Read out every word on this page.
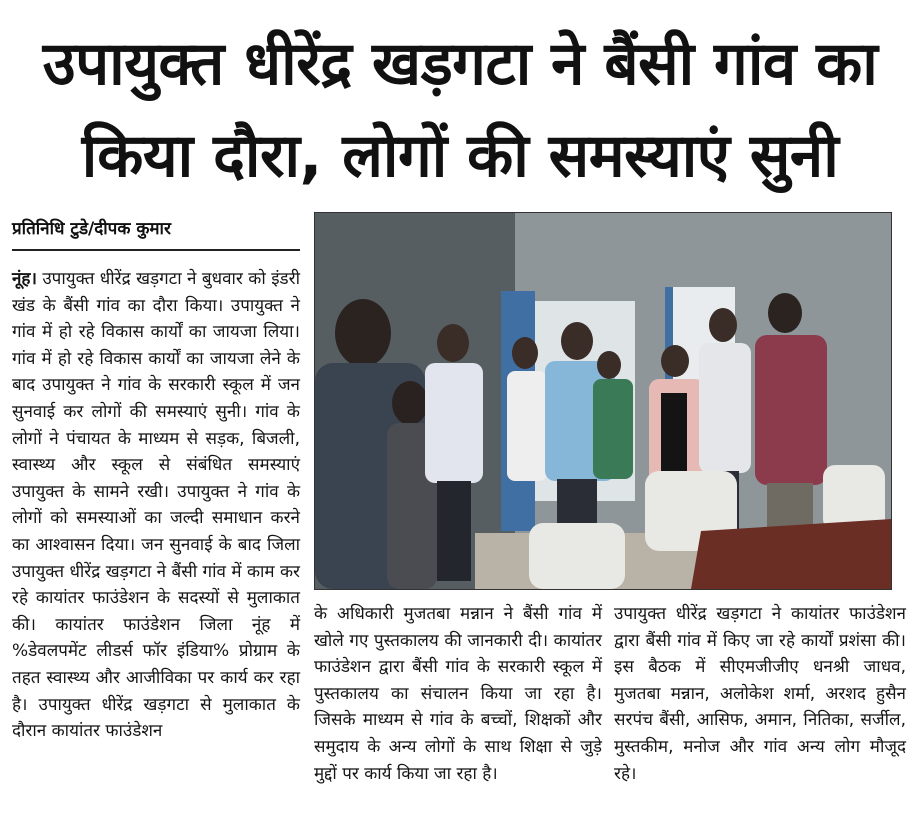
उपायुक्त धीरेंद्र खड़गटा ने बैंसी गांव का
किया दौरा, लोगों की समस्याएं सुनी
प्रतिनिधि टुडे/दीपक कुमार

नूंह। उपायुक्त धीरेंद्र खड़गटा ने बुधवार को इंडरी खंड के बैंसी गांव का दौरा किया। उपायुक्त ने गांव में हो रहे विकास कार्यों का जायजा लिया। गांव में हो रहे विकास कार्यों का जायजा लेने के बाद उपायुक्त ने गांव के सरकारी स्कूल में जन सुनवाई कर लोगों की समस्याएं सुनी। गांव के लोगों ने पंचायत के माध्यम से सड़क, बिजली, स्वास्थ्य और स्कूल से संबंधित समस्याएं उपायुक्त के सामने रखी। उपायुक्त ने गांव के लोगों को समस्याओं का जल्दी समाधान करने का आश्वासन दिया। जन सुनवाई के बाद जिला उपायुक्त धीरेंद्र खड़गटा ने बैंसी गांव में काम कर रहे कायांतर फाउंडेशन के सदस्यों से मुलाकात की। कायांतर फाउंडेशन जिला नूंह में %डेवलपमेंट लीडर्स फॉर इंडिया% प्रोग्राम के तहत स्वास्थ्य और आजीविका पर कार्य कर रहा है। उपायुक्त धीरेंद्र खड़गटा से मुलाकात के दौरान कायांतर फाउंडेशन

के अधिकारी मुजतबा मन्नान ने बैंसी गांव में खोले गए पुस्तकालय की जानकारी दी। कायांतर फाउंडेशन द्वारा बैंसी गांव के सरकारी स्कूल में पुस्तकालय का संचालन किया जा रहा है। जिसके माध्यम से गांव के बच्चों, शिक्षकों और समुदाय के अन्य लोगों के साथ शिक्षा से जुड़े मुद्दों पर कार्य किया जा रहा है।

उपायुक्त धीरेंद्र खड़गटा ने कायांतर फाउंडेशन द्वारा बैंसी गांव में किए जा रहे कार्यों प्रशंसा की। इस बैठक में सीएमजीजीए धनश्री जाधव, मुजतबा मन्नान, अलोकेश शर्मा, अरशद हुसैन सरपंच बैंसी, आसिफ, अमान, नितिका, सर्जील, मुस्तकीम, मनोज और गांव अन्य लोग मौजूद रहे।
